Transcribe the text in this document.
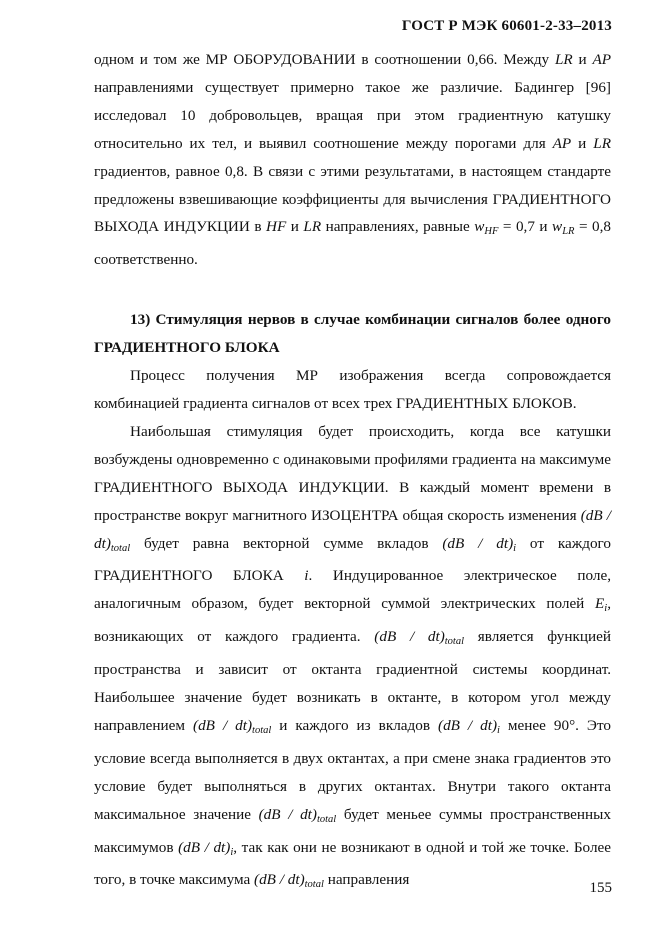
ГОСТ Р МЭК 60601-2-33–2013

одном и том же МР ОБОРУДОВАНИИ в соотношении 0,66. Между LR и AP направлениями существует примерно такое же различие. Бадингер [96] исследовал 10 добровольцев, вращая при этом градиентную катушку относительно их тел, и выявил соотношение между порогами для AP и LR градиентов, равное 0,8. В связи с этими результатами, в настоящем стандарте предложены взвешивающие коэффициенты для вычисления ГРАДИЕНТНОГО ВЫХОДА ИНДУКЦИИ в HF и LR направлениях, равные $w_{HF} = 0,7$ и $w_{LR} = 0,8$ соответственно.

13) Стимуляция нервов в случае комбинации сигналов более одного ГРАДИЕНТНОГО БЛОКА

Процесс получения МР изображения всегда сопровождается комбинацией градиента сигналов от всех трех ГРАДИЕНТНЫХ БЛОКОВ.

Наибольшая стимуляция будет происходить, когда все катушки возбуждены одновременно с одинаковыми профилями градиента на максимуме ГРАДИЕНТНОГО ВЫХОДА ИНДУКЦИИ. В каждый момент времени в пространстве вокруг магнитного ИЗОЦЕНТРА общая скорость изменения $(dB / dt)_{total}$ будет равна векторной сумме вкладов $(dB / dt)_i$ от каждого ГРАДИЕНТНОГО БЛОКА i. Индуцированное электрическое поле, аналогичным образом, будет векторной суммой электрических полей $E_i$, возникающих от каждого градиента. $(dB / dt)_{total}$ является функцией пространства и зависит от октанта градиентной системы координат. Наибольшее значение будет возникать в октанте, в котором угол между направлением $(dB / dt)_{total}$ и каждого из вкладов $(dB / dt)_i$ менее 90°. Это условие всегда выполняется в двух октантах, а при смене знака градиентов это условие будет выполняться в других октантах. Внутри такого октанта максимальное значение $(dB / dt)_{total}$ будет меньее суммы пространственных максимумов $(dB / dt)_i$, так как они не возникают в одной и той же точке. Более того, в точке максимума $(dB / dt)_{total}$ направления	155
